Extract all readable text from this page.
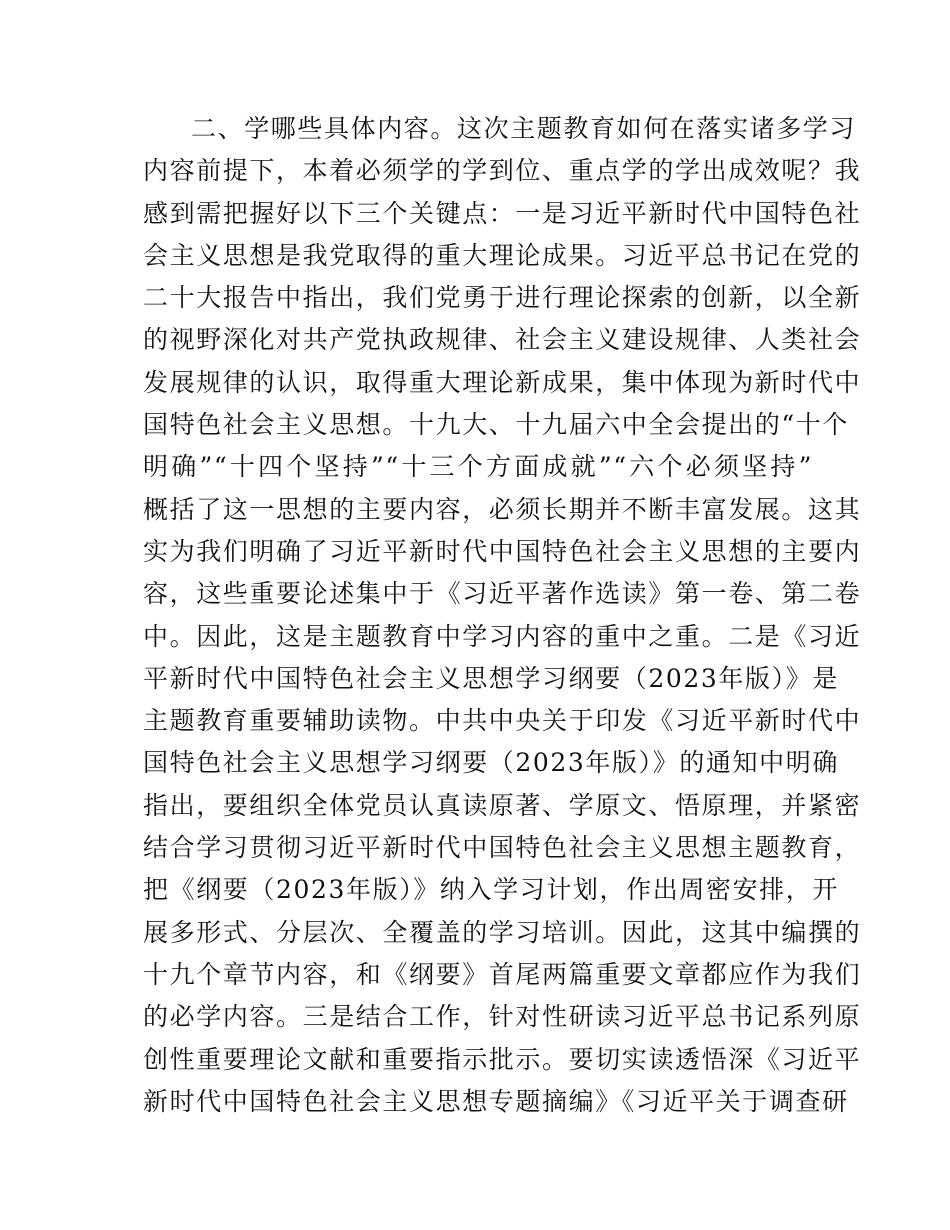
二、学哪些具体内容。这次主题教育如何在落实诸多学习
内容前提下，本着必须学的学到位、重点学的学出成效呢？我
感到需把握好以下三个关键点：一是习近平新时代中国特色社
会主义思想是我党取得的重大理论成果。习近平总书记在党的
二十大报告中指出，我们党勇于进行理论探索的创新，以全新
的视野深化对共产党执政规律、社会主义建设规律、人类社会
发展规律的认识，取得重大理论新成果，集中体现为新时代中
国特色社会主义思想。十九大、十九届六中全会提出的“十个
明确”“十四个坚持”“十三个方面成就”“六个必须坚持”
概括了这一思想的主要内容，必须长期并不断丰富发展。这其
实为我们明确了习近平新时代中国特色社会主义思想的主要内
容，这些重要论述集中于《习近平著作选读》第一卷、第二卷
中。因此，这是主题教育中学习内容的重中之重。二是《习近
平新时代中国特色社会主义思想学习纲要（2023年版）》是
主题教育重要辅助读物。中共中央关于印发《习近平新时代中
国特色社会主义思想学习纲要（2023年版）》的通知中明确
指出，要组织全体党员认真读原著、学原文、悟原理，并紧密
结合学习贯彻习近平新时代中国特色社会主义思想主题教育，
把《纲要（2023年版）》纳入学习计划，作出周密安排，开
展多形式、分层次、全覆盖的学习培训。因此，这其中编撰的
十九个章节内容，和《纲要》首尾两篇重要文章都应作为我们
的必学内容。三是结合工作，针对性研读习近平总书记系列原
创性重要理论文献和重要指示批示。要切实读透悟深《习近平
新时代中国特色社会主义思想专题摘编》《习近平关于调查研
